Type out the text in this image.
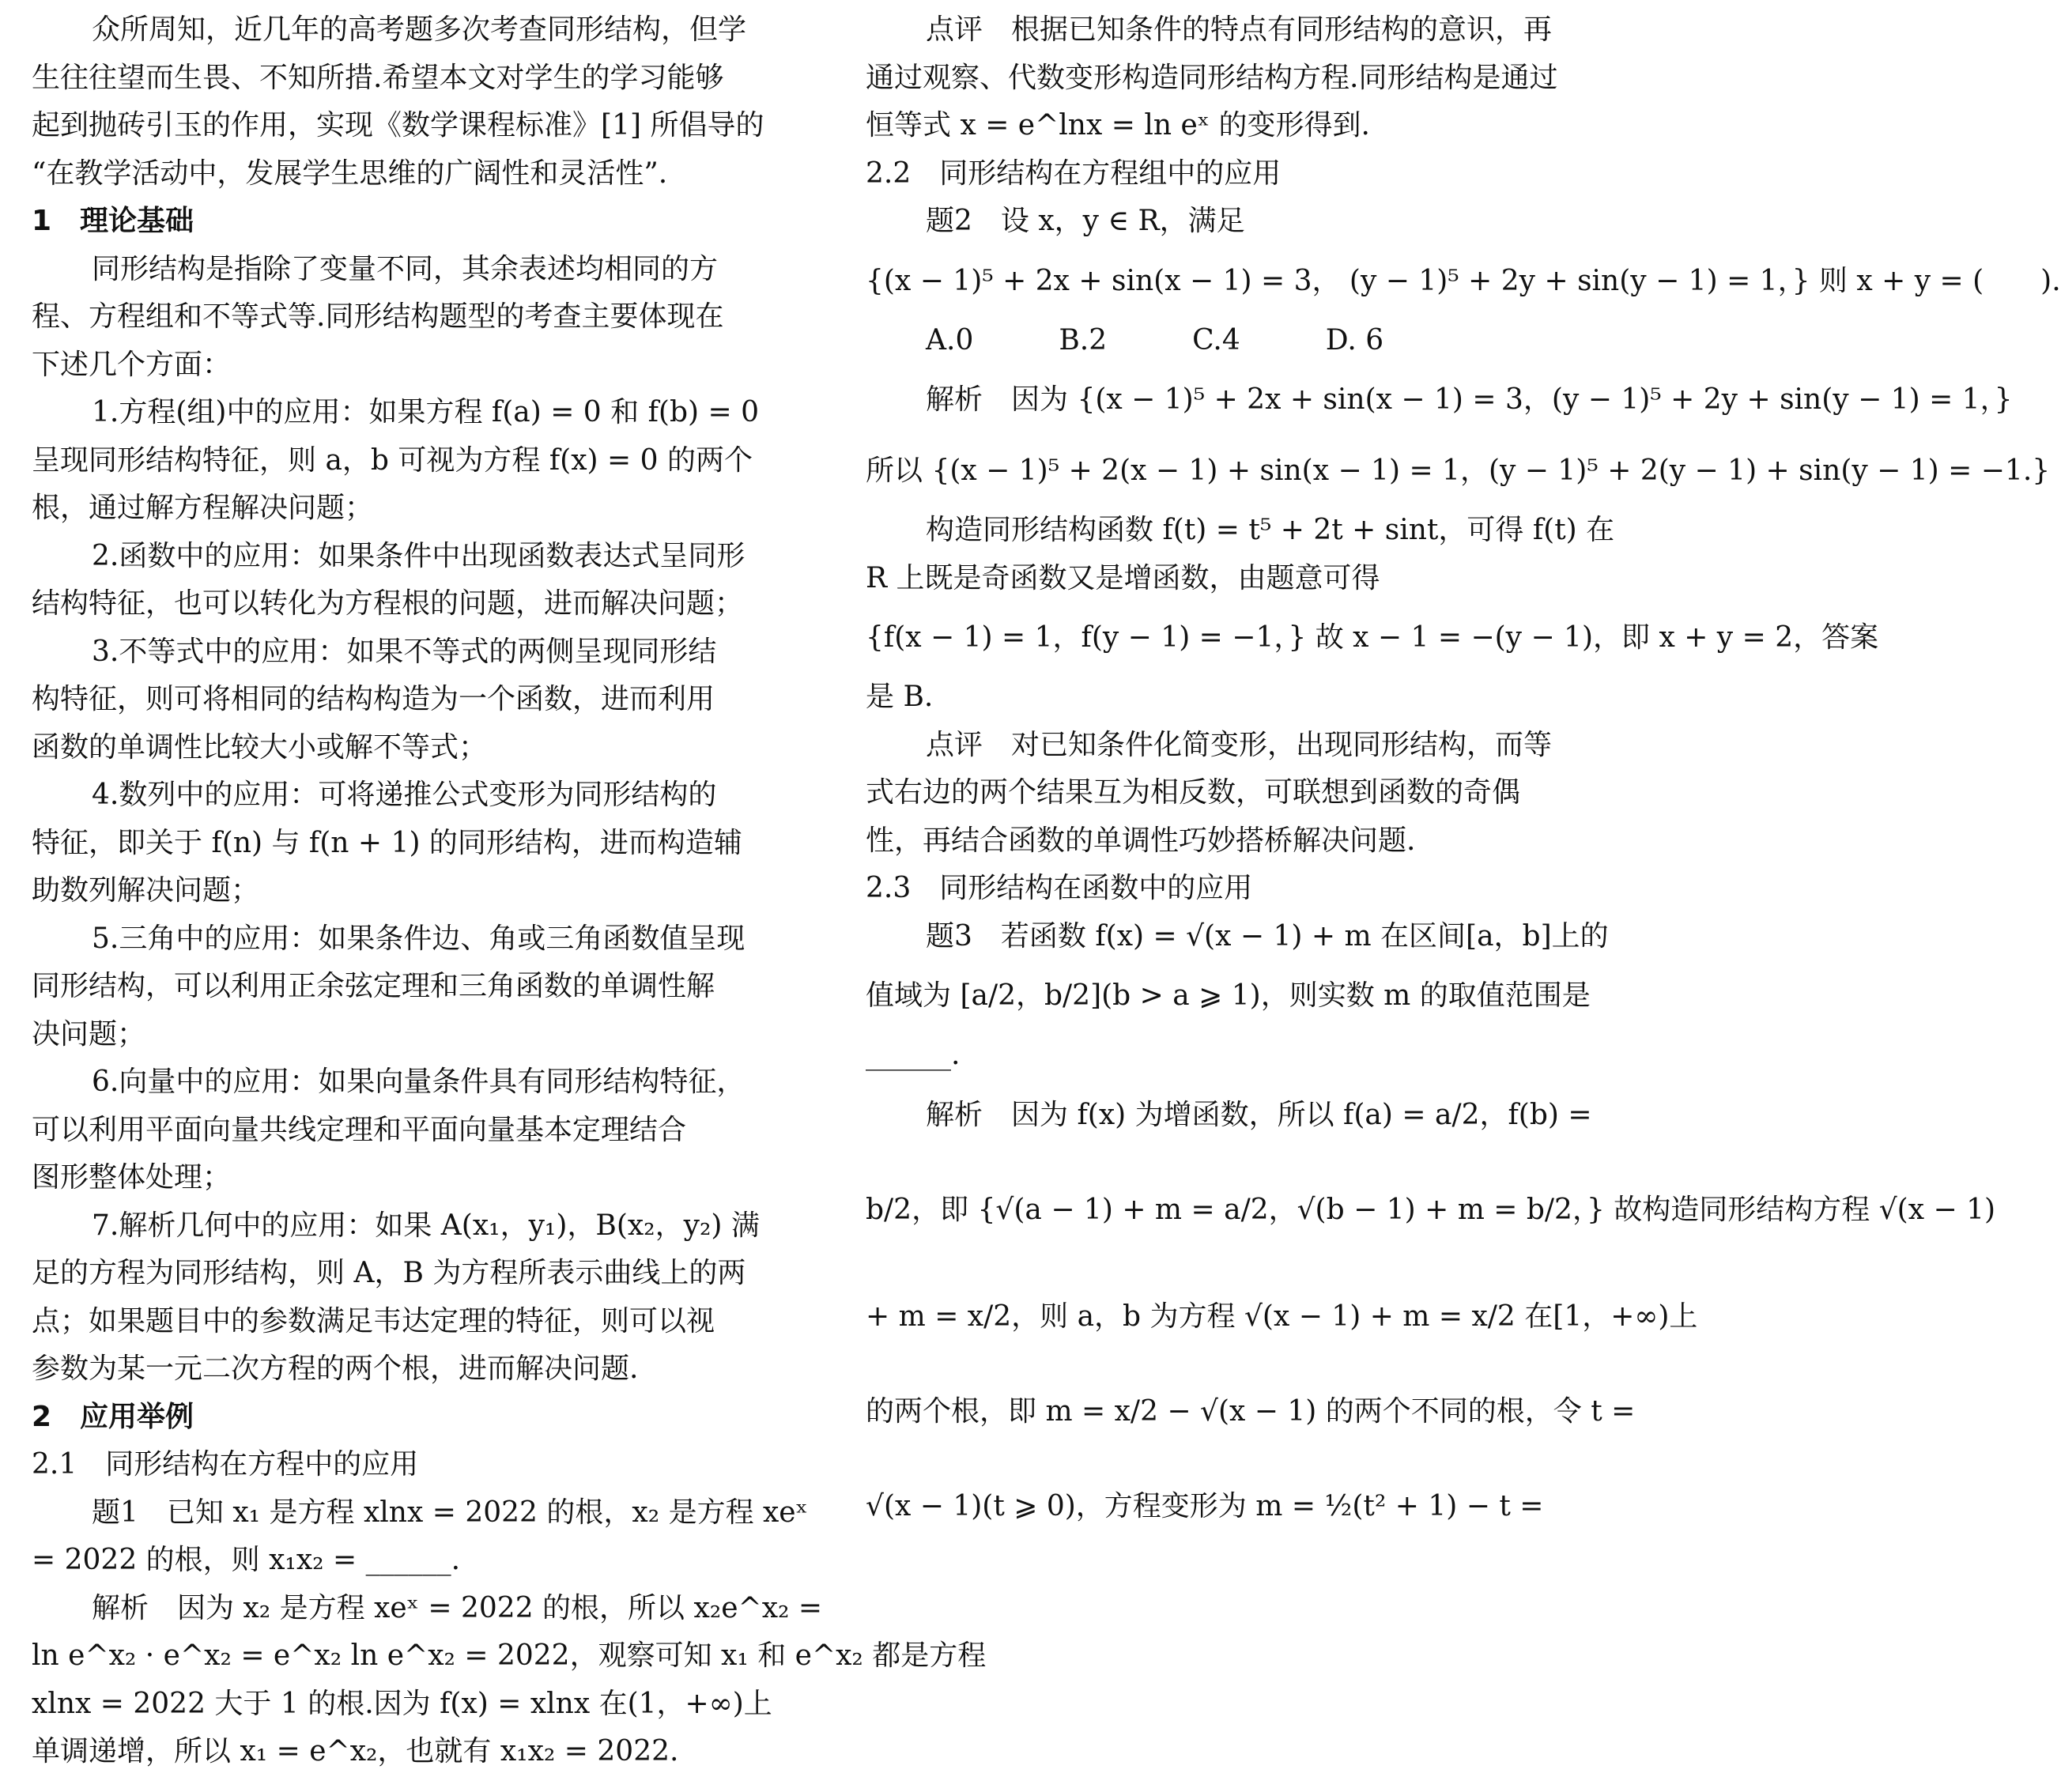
众所周知，近几年的高考题多次考查同形结构，但学
生往往望而生畏、不知所措.希望本文对学生的学习能够
起到抛砖引玉的作用，实现《数学课程标准》[1] 所倡导的
“在教学活动中，发展学生思维的广阔性和灵活性”.
1　理论基础
同形结构是指除了变量不同，其余表述均相同的方
程、方程组和不等式等.同形结构题型的考查主要体现在
下述几个方面：
1.方程(组)中的应用：如果方程 f(a) = 0 和 f(b) = 0
呈现同形结构特征，则 a，b 可视为方程 f(x) = 0 的两个
根，通过解方程解决问题；
2.函数中的应用：如果条件中出现函数表达式呈同形
结构特征，也可以转化为方程根的问题，进而解决问题；
3.不等式中的应用：如果不等式的两侧呈现同形结
构特征，则可将相同的结构构造为一个函数，进而利用
函数的单调性比较大小或解不等式；
4.数列中的应用：可将递推公式变形为同形结构的
特征，即关于 f(n) 与 f(n + 1) 的同形结构，进而构造辅
助数列解决问题；
5.三角中的应用：如果条件边、角或三角函数值呈现
同形结构，可以利用正余弦定理和三角函数的单调性解
决问题；
6.向量中的应用：如果向量条件具有同形结构特征，
可以利用平面向量共线定理和平面向量基本定理结合
图形整体处理；
7.解析几何中的应用：如果 A(x₁，y₁)，B(x₂，y₂) 满
足的方程为同形结构，则 A，B 为方程所表示曲线上的两
点；如果题目中的参数满足韦达定理的特征，则可以视
参数为某一元二次方程的两个根，进而解决问题.
2　应用举例
2.1　同形结构在方程中的应用
题1　已知 x₁ 是方程 xlnx = 2022 的根，x₂ 是方程 xeˣ
= 2022 的根，则 x₁x₂ = ______.
解析　因为 x₂ 是方程 xeˣ = 2022 的根，所以 x₂e^x₂ =
ln e^x₂ · e^x₂ = e^x₂ ln e^x₂ = 2022，观察可知 x₁ 和 e^x₂ 都是方程
xlnx = 2022 大于 1 的根.因为 f(x) = xlnx 在(1，+∞)上
单调递增，所以 x₁ = e^x₂，也就有 x₁x₂ = 2022.
点评　根据已知条件的特点有同形结构的意识，再
通过观察、代数变形构造同形结构方程.同形结构是通过
恒等式 x = e^lnx = ln eˣ 的变形得到.
2.2　同形结构在方程组中的应用
题2　设 x，y ∈ R，满足
{(x − 1)⁵ + 2x + sin(x − 1) = 3， (y − 1)⁵ + 2y + sin(y − 1) = 1，} 则 x + y = (　　).
A.0　　　B.2　　　C.4　　　D. 6
解析　因为 {(x − 1)⁵ + 2x + sin(x − 1) = 3，(y − 1)⁵ + 2y + sin(y − 1) = 1，}
所以 {(x − 1)⁵ + 2(x − 1) + sin(x − 1) = 1，(y − 1)⁵ + 2(y − 1) + sin(y − 1) = −1.}
构造同形结构函数 f(t) = t⁵ + 2t + sint，可得 f(t) 在
R 上既是奇函数又是增函数，由题意可得
{f(x − 1) = 1，f(y − 1) = −1，} 故 x − 1 = −(y − 1)，即 x + y = 2，答案
是 B.
点评　对已知条件化简变形，出现同形结构，而等
式右边的两个结果互为相反数，可联想到函数的奇偶
性，再结合函数的单调性巧妙搭桥解决问题.
2.3　同形结构在函数中的应用
题3　若函数 f(x) = √(x − 1) + m 在区间[a，b]上的
值域为 [a/2，b/2](b > a ⩾ 1)，则实数 m 的取值范围是
______.
解析　因为 f(x) 为增函数，所以 f(a) = a/2，f(b) =
b/2，即 {√(a − 1) + m = a/2，√(b − 1) + m = b/2，} 故构造同形结构方程 √(x − 1)
+ m = x/2，则 a，b 为方程 √(x − 1) + m = x/2 在[1，+∞)上
的两个根，即 m = x/2 − √(x − 1) 的两个不同的根，令 t =
√(x − 1)(t ⩾ 0)，方程变形为 m = ½(t² + 1) − t =
